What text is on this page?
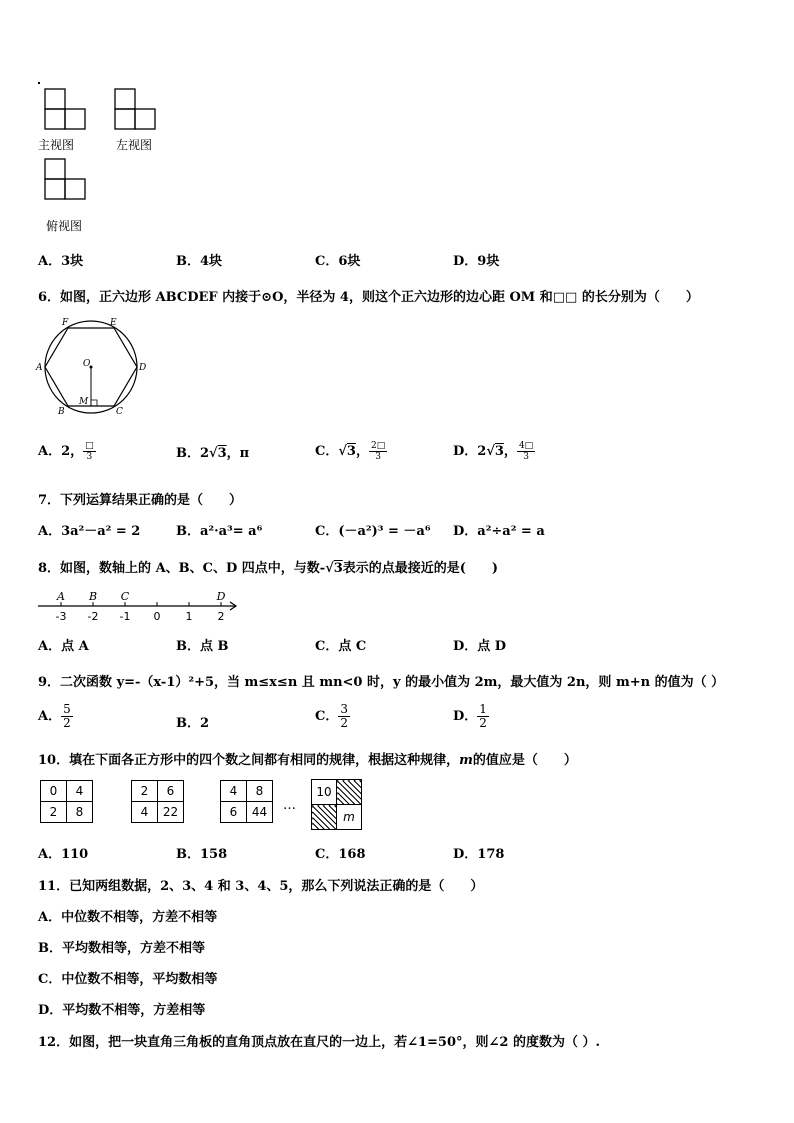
主视图	左视图
俯视图
A．3块	B．4块	C．6块	D．9块
6．如图，正六边形 ABCDEF 内接于⊙O，半径为 4，则这个正六边形的边心距 OM 和□□ 的长分别为（　　）
F	E
A	D
O
B
M
C
A．2， $\frac{□}{3}$	B．2√3，π	C．√3， $\frac{2□}{3}$	D．2√3， $\frac{4□}{3}$
7．下列运算结果正确的是（　　）
A．3a²－a² = 2	B．a²·a³= a⁶	C．(－a²)³ = －a⁶ D．a²÷a² = a
8．如图，数轴上的 A、B、C、D 四点中，与数-√3表示的点最接近的是(　　)
-3 -2 -1 0 1 2
A B C	D
A．点 A	B．点 B	C．点 C	D．点 D
9．二次函数 y=-（x-1）²+5，当 m≤x≤n 且 mn<0 时，y 的最小值为 2m，最大值为 2n，则 m+n 的值为（ ）
A． $\frac{5}{2}$	B．2	C． $\frac{3}{2}$	D． $\frac{1}{2}$
10．填在下面各正方形中的四个数之间都有相同的规律，根据这种规律，m的值应是（　　）
0	4
2	8
2	6
4	22
4	8
6	44 …
10	
	m
A．110	B．158	C．168	D．178
11．已知两组数据，2、3、4 和 3、4、5，那么下列说法正确的是（　　）
A．中位数不相等，方差不相等
B．平均数相等，方差不相等
C．中位数不相等，平均数相等
D．平均数不相等，方差相等
12．如图，把一块直角三角板的直角顶点放在直尺的一边上，若∠1=50°，则∠2 的度数为（ ）.
